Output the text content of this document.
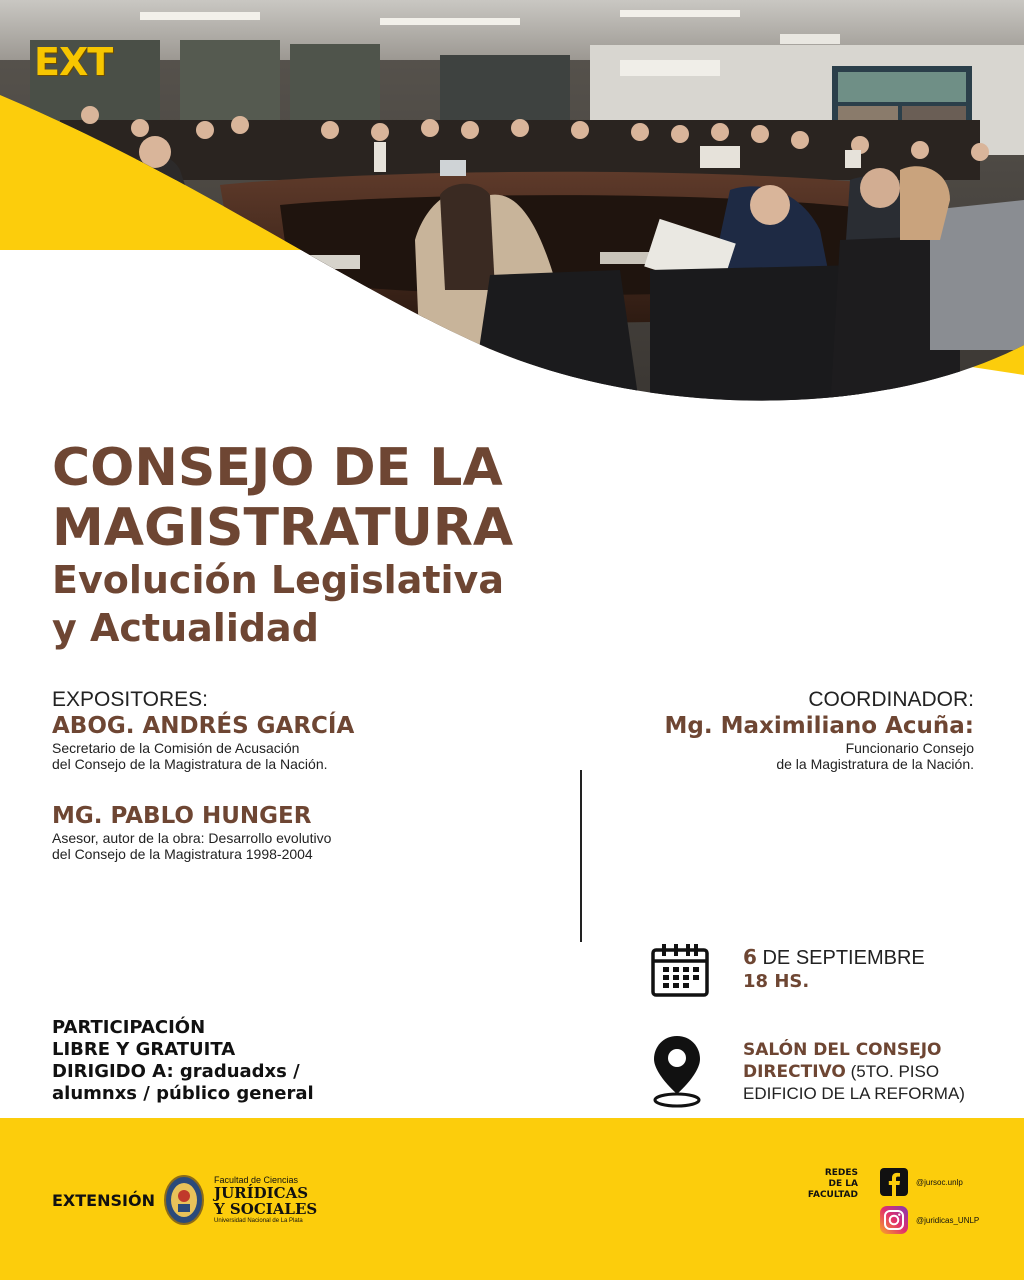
EXT
CONSEJO DE LA
MAGISTRATURA
Evolución Legislativa
y Actualidad
EXPOSITORES:
ABOG. ANDRÉS GARCÍA
Secretario de la Comisión de Acusación
del Consejo de la Magistratura de la Nación.
MG. PABLO HUNGER
Asesor, autor de la obra: Desarrollo evolutivo
del Consejo de la Magistratura 1998-2004
COORDINADOR:
Mg. Maximiliano Acuña:
Funcionario Consejo
de la Magistratura de la Nación.
6 DE SEPTIEMBRE
18 HS.
SALÓN DEL CONSEJO
DIRECTIVO (5TO. PISO
EDIFICIO DE LA REFORMA)
PARTICIPACIÓN
LIBRE Y GRATUITA
DIRIGIDO A: graduadxs /
alumnxs / público general
EXTENSIÓN
Facultad de Ciencias
JURÍDICAS
Y SOCIALES
Universidad Nacional de La Plata
REDES
DE LA
FACULTAD
@jursoc.unlp
@juridicas_UNLP
